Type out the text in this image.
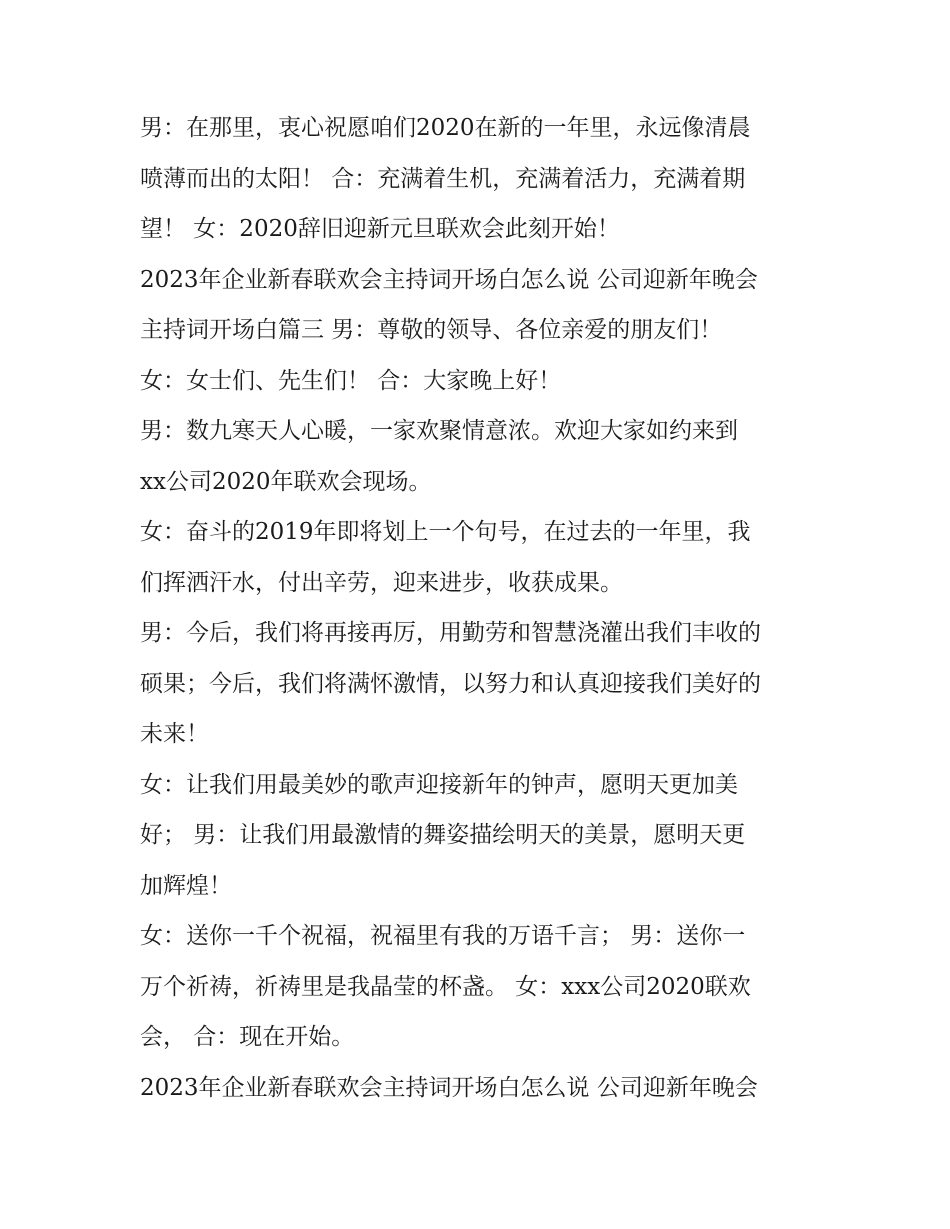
男：在那里，衷心祝愿咱们2020在新的一年里，永远像清晨
喷薄而出的太阳！ 合：充满着生机，充满着活力，充满着期
望！ 女：2020辞旧迎新元旦联欢会此刻开始！
2023年企业新春联欢会主持词开场白怎么说 公司迎新年晚会
主持词开场白篇三 男：尊敬的领导、各位亲爱的朋友们！
女：女士们、先生们！ 合：大家晚上好！
男：数九寒天人心暖，一家欢聚情意浓。欢迎大家如约来到
xx公司2020年联欢会现场。
女：奋斗的2019年即将划上一个句号，在过去的一年里，我
们挥洒汗水，付出辛劳，迎来进步，收获成果。
男：今后，我们将再接再厉，用勤劳和智慧浇灌出我们丰收的
硕果；今后，我们将满怀激情，以努力和认真迎接我们美好的
未来！
女：让我们用最美妙的歌声迎接新年的钟声，愿明天更加美
好； 男：让我们用最激情的舞姿描绘明天的美景，愿明天更
加辉煌！
女：送你一千个祝福，祝福里有我的万语千言； 男：送你一
万个祈祷，祈祷里是我晶莹的杯盏。 女：xxx公司2020联欢
会， 合：现在开始。
2023年企业新春联欢会主持词开场白怎么说 公司迎新年晚会
